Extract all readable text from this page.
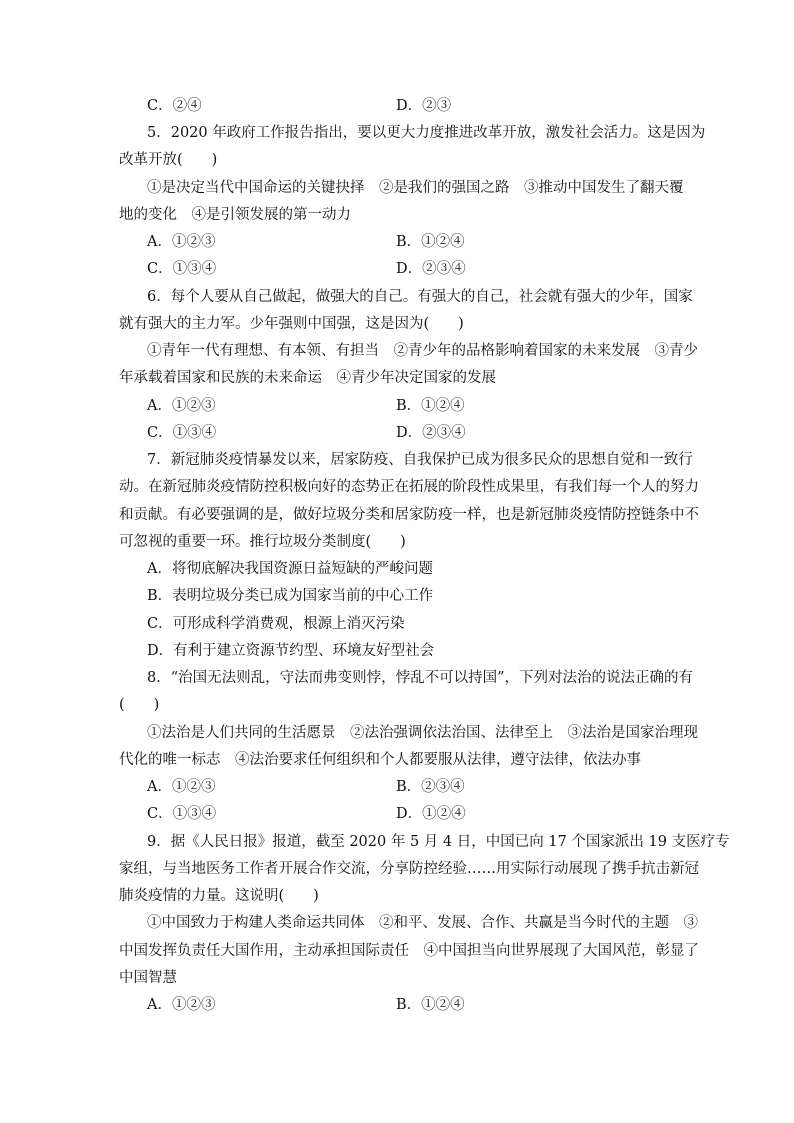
C．②④	D．②③
5．2020 年政府工作报告指出，要以更大力度推进改革开放，激发社会活力。这是因为
改革开放(　　)
①是决定当代中国命运的关键抉择　②是我们的强国之路　③推动中国发生了翻天覆
地的变化　④是引领发展的第一动力
A．①②③	B．①②④
C．①③④	D．②③④
6．每个人要从自己做起，做强大的自己。有强大的自己，社会就有强大的少年，国家
就有强大的主力军。少年强则中国强，这是因为(　　)
①青年一代有理想、有本领、有担当　②青少年的品格影响着国家的未来发展　③青少
年承载着国家和民族的未来命运　④青少年决定国家的发展
A．①②③	B．①②④
C．①③④	D．②③④
7．新冠肺炎疫情暴发以来，居家防疫、自我保护已成为很多民众的思想自觉和一致行
动。在新冠肺炎疫情防控积极向好的态势正在拓展的阶段性成果里，有我们每一个人的努力
和贡献。有必要强调的是，做好垃圾分类和居家防疫一样，也是新冠肺炎疫情防控链条中不
可忽视的重要一环。推行垃圾分类制度(　　)
A．将彻底解决我国资源日益短缺的严峻问题
B．表明垃圾分类已成为国家当前的中心工作
C．可形成科学消费观，根源上消灭污染
D．有利于建立资源节约型、环境友好型社会
8．“治国无法则乱，守法而弗变则悖，悖乱不可以持国”，下列对法治的说法正确的有
(　　)
①法治是人们共同的生活愿景　②法治强调依法治国、法律至上　③法治是国家治理现
代化的唯一标志　④法治要求任何组织和个人都要服从法律，遵守法律，依法办事
A．①②③	B．②③④
C．①③④	D．①②④
9．据《人民日报》报道，截至 2020 年 5 月 4 日，中国已向 17 个国家派出 19 支医疗专
家组，与当地医务工作者开展合作交流，分享防控经验……用实际行动展现了携手抗击新冠
肺炎疫情的力量。这说明(　　)
①中国致力于构建人类命运共同体　②和平、发展、合作、共赢是当今时代的主题　③
中国发挥负责任大国作用，主动承担国际责任　④中国担当向世界展现了大国风范，彰显了
中国智慧
A．①②③	B．①②④
